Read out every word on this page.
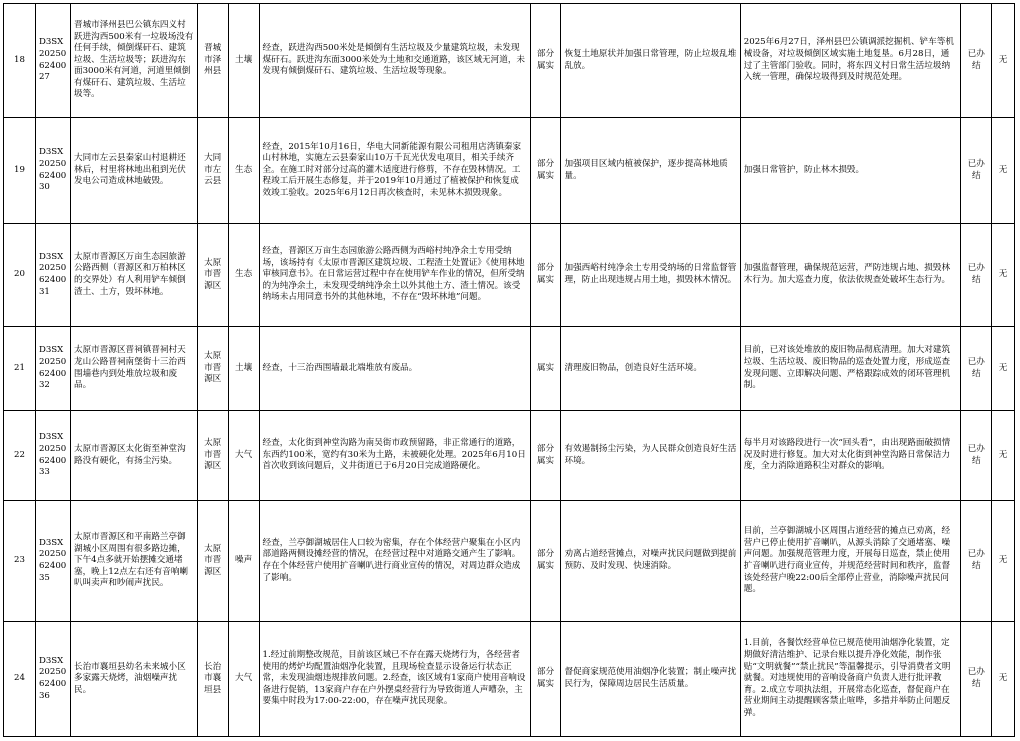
18	D3SX2025062400 27	晋城市泽州县巴公镇东四义村跃进沟西500米有一垃圾场没有任何手续，倾倒煤矸石、建筑垃圾、生活垃圾等；跃进沟东面3000米有河道，河道里倾倒有煤矸石、建筑垃圾、生活垃圾等。	晋城市泽州县	土壤	经查，跃进沟西500米处是倾倒有生活垃圾及少量建筑垃圾，未发现煤矸石。跃进沟东面3000米处为土地和交通道路，该区域无河道，未发现有倾倒煤矸石、建筑垃圾、生活垃圾等现象。	部分属实	恢复土地原状并加强日常管理，防止垃圾乱堆乱放。	2025年6月27日，泽州县巴公镇调派挖掘机、铲车等机械设备，对垃圾倾倒区域实施土地复垦。6月28日，通过了主管部门验收。同时，将东四义村日常生活垃圾纳入统一管理，确保垃圾得到及时规范处理。	已办结	无
19	D3SX2025062400 30	大同市左云县秦家山村退耕还林后，村里将林地出租到光伏发电公司造成林地破毁。	大同市左云县	生态	经查，2015年10月16日，华电大同新能源有限公司租用店湾镇秦家山村林地，实施左云县秦家山10万千瓦光伏发电项目，相关手续齐全。在施工时对部分过高的灌木适度进行修剪，不存在毁林情况。工程竣工后开展生态修复，并于2019年10月通过了植被保护和恢复成效竣工验收。2025年6月12日再次核查时，未见林木损毁现象。	部分属实	加强项目区域内植被保护，逐步提高林地质量。	加强日常管护，防止林木损毁。	已办结	无
20	D3SX2025062400 31	太原市晋源区万亩生态园旅游公路西侧（晋源区和万柏林区的交界处）有人利用铲车倾倒渣土、土方，毁坏林地。	太原市晋源区	生态	经查，晋源区万亩生态园旅游公路西侧为西峪村纯净余土专用受纳场，该场持有《太原市晋源区建筑垃圾、工程渣土处置证》《使用林地审核同意书》。在日常运营过程中存在使用铲车作业的情况，但所受纳的为纯净余土，未发现受纳纯净余土以外其他土方、渣土情况。该受纳场未占用同意书外的其他林地，不存在“毁坏林地”问题。	部分属实	加强西峪村纯净余土专用受纳场的日常监督管理，防止出现违规占用土地，损毁林木情况。	加强监督管理，确保规范运营，严防违规占地、损毁林木行为。加大巡查力度，依法依规查处破坏生态行为。	已办结	无
21	D3SX2025062400 32	太原市晋源区晋祠镇晋祠村天龙山公路晋祠南堡街十三治西围墙巷内到处堆放垃圾和废品。	太原市晋源区	土壤	经查，十三治西围墙最北端堆放有废品。	属实	清理废旧物品，创造良好生活环境。	目前，已对该处堆放的废旧物品彻底清理。加大对建筑垃圾、生活垃圾、废旧物品的巡查处置力度，形成巡查发现问题、立即解决问题、严格跟踪成效的闭环管理机制。	已办结	无
22	D3SX2025062400 33	太原市晋源区太化街至神堂沟路没有硬化，有扬尘污染。	太原市晋源区	大气	经查，太化街到神堂沟路为南吴街市政预留路，非正常通行的道路，东西约100米，宽约有30米为土路，未被硬化处理。2025年6月10日首次收到该问题后，义井街道已于6月20日完成道路硬化。	部分属实	有效遏制扬尘污染，为人民群众创造良好生活环境。	每半月对该路段进行一次“回头看”，由出现路面破损情况及时进行修复。加大对太化街到神堂沟路日常保洁力度，全力消除道路积尘对群众的影响。	已办结	无
23	D3SX2025062400 35	太原市晋源区和平南路兰亭御湖城小区周围有很多路边摊，下午4点多就开始摆摊交通堵塞，晚上12点左右还有音响喇叭叫卖声和吵闹声扰民。	太原市晋源区	噪声	经查，兰亭御湖城居住人口较为密集，存在个体经营户聚集在小区内部道路两侧设摊经营的情况，在经营过程中对道路交通产生了影响。存在个体经营户使用扩音喇叭进行商业宣传的情况，对周边群众造成了影响。	部分属实	劝离占道经营摊点，对噪声扰民问题做到提前预防、及时发现、快速消除。	目前，兰亭御湖城小区周围占道经营的摊点已劝离，经营户已停止使用扩音喇叭，从源头消除了交通堵塞、噪声问题。加强规范管理力度，开展每日巡查，禁止使用扩音喇叭进行商业宣传，并规范经营时间和秩序，监督该处经营户晚22:00后全部停止营业，消除噪声扰民问题。	已办结	无
24	D3SX2025062400 36	长治市襄垣县幼名未来城小区多家露天烧烤，油烟噪声扰民。	长治市襄垣县	大气	1.经过前期整改规范，目前该区域已不存在露天烧烤行为，各经营者使用的烤炉均配置油烟净化装置，且现场检查显示设备运行状态正常，未发现油烟违规排放问题。2.经查，该区域有1家商户使用音响设备进行促销，13家商户存在户外摆桌经营行为导致街道人声嘈杂，主要集中时段为17:00-22:00，存在噪声扰民现象。	部分属实	督促商家规范使用油烟净化装置；制止噪声扰民行为，保障周边居民生活质量。	1.目前，各餐饮经营单位已规范使用油烟净化装置，定期做好清洁维护、记录台账以提升净化效能，制作张贴“文明就餐”“禁止扰民”等温馨提示，引导消费者文明就餐。对违规使用的音响设备商户负责人进行批评教育。2.成立专项执法组，开展常态化巡查，督促商户在营业期间主动提醒顾客禁止喧哗，多措并举防止问题反弹。	已办结	无
